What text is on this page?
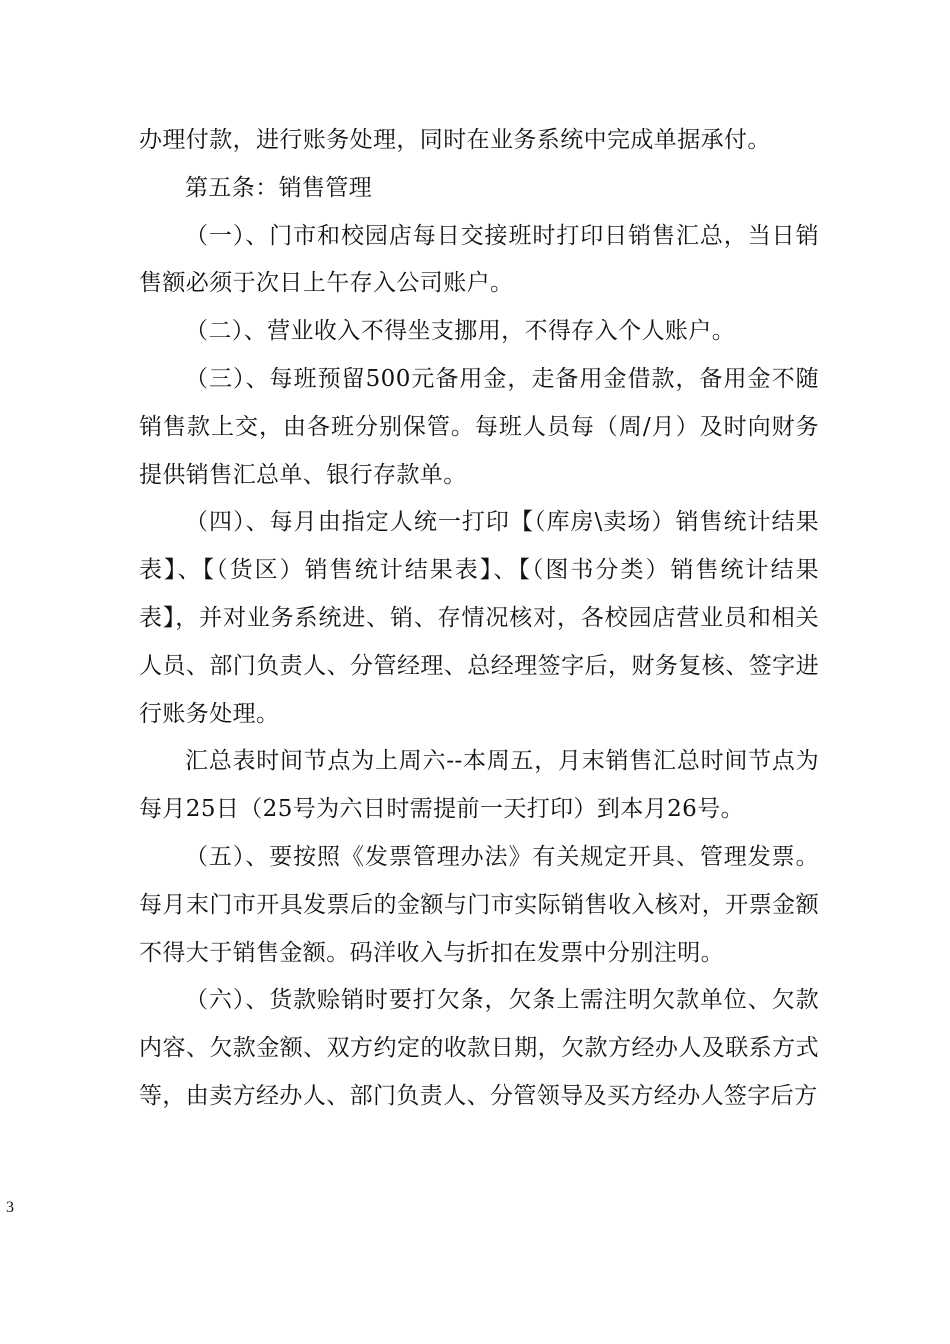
办理付款，进行账务处理，同时在业务系统中完成单据承付。

第五条：销售管理

（一）、门市和校园店每日交接班时打印日销售汇总，当日销售额必须于次日上午存入公司账户。

（二）、营业收入不得坐支挪用，不得存入个人账户。

（三）、每班预留500元备用金，走备用金借款，备用金不随销售款上交，由各班分别保管。每班人员每（周/月）及时向财务提供销售汇总单、银行存款单。

（四）、每月由指定人统一打印【（库房\卖场）销售统计结果表】、【（货区）销售统计结果表】、【（图书分类）销售统计结果表】，并对业务系统进、销、存情况核对，各校园店营业员和相关人员、部门负责人、分管经理、总经理签字后，财务复核、签字进行账务处理。

汇总表时间节点为上周六--本周五，月末销售汇总时间节点为每月25日（25号为六日时需提前一天打印）到本月26号。

（五）、要按照《发票管理办法》有关规定开具、管理发票。每月末门市开具发票后的金额与门市实际销售收入核对，开票金额不得大于销售金额。码洋收入与折扣在发票中分别注明。

（六）、货款赊销时要打欠条，欠条上需注明欠款单位、欠款内容、欠款金额、双方约定的收款日期，欠款方经办人及联系方式等，由卖方经办人、部门负责人、分管领导及买方经办人签字后方

3
